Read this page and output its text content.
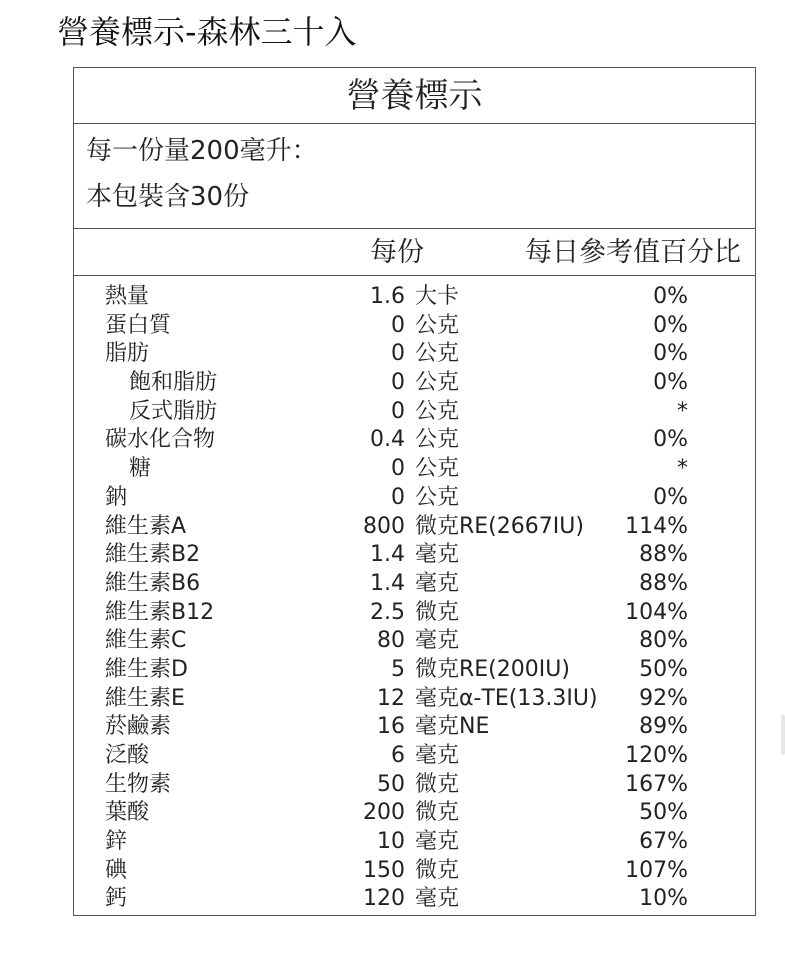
營養標示-森林三十入
營養標示
每一份量200毫升：
本包裝含30份
每份	每日參考值百分比
熱量	1.6 大卡	0%
蛋白質	0 公克	0%
脂肪	0 公克	0%
飽和脂肪	0 公克	0%
反式脂肪	0 公克	*
碳水化合物	0.4 公克	0%
糖	0 公克	*
鈉	0 公克	0%
維生素A	800 微克RE(2667IU) 114%
維生素B2	1.4 毫克	88%
維生素B6	1.4 毫克	88%
維生素B12	2.5 微克	104%
維生素C	80 毫克	80%
維生素D	5 微克RE(200IU)	50%
維生素E	12 毫克α-TE(13.3IU) 92%
菸鹼素	16 毫克NE	89%
泛酸	6 毫克	120%
生物素	50 微克	167%
葉酸	200 微克	50%
鋅	10 毫克	67%
碘	150 微克	107%
鈣	120 毫克	10%
